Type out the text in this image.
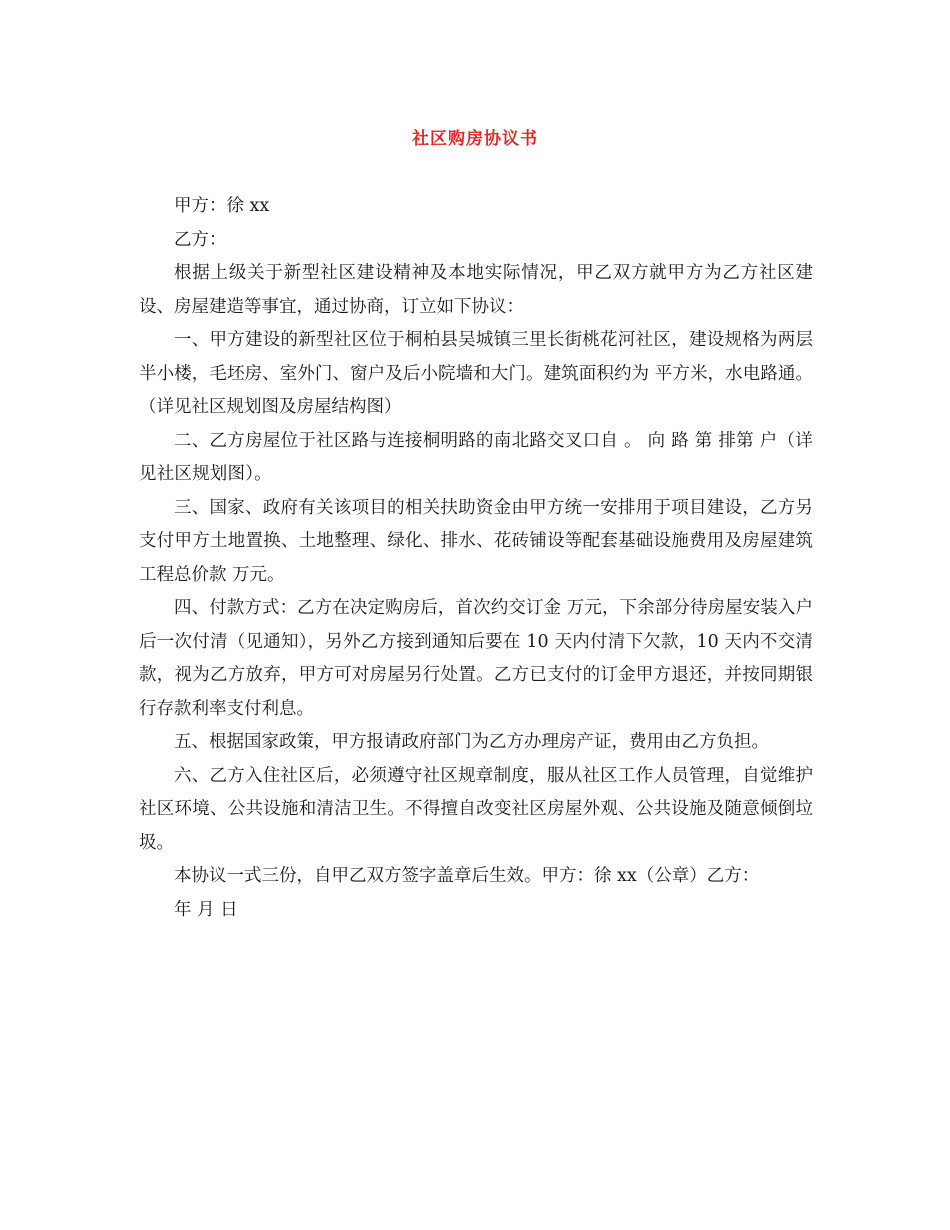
社区购房协议书

甲方：徐 xx

乙方：

根据上级关于新型社区建设精神及本地实际情况，甲乙双方就甲方为乙方社区建设、房屋建造等事宜，通过协商，订立如下协议：

一、甲方建设的新型社区位于桐柏县吴城镇三里长街桃花河社区，建设规格为两层半小楼，毛坯房、室外门、窗户及后小院墙和大门。建筑面积约为 平方米，水电路通。（详见社区规划图及房屋结构图）

二、乙方房屋位于社区路与连接桐明路的南北路交叉口自 。 向 路 第 排第 户（详见社区规划图）。

三、国家、政府有关该项目的相关扶助资金由甲方统一安排用于项目建设，乙方另支付甲方土地置换、土地整理、绿化、排水、花砖铺设等配套基础设施费用及房屋建筑工程总价款 万元。

四、付款方式：乙方在决定购房后，首次约交订金 万元，下余部分待房屋安装入户后一次付清（见通知），另外乙方接到通知后要在 10 天内付清下欠款，10 天内不交清款，视为乙方放弃，甲方可对房屋另行处置。乙方已支付的订金甲方退还，并按同期银行存款利率支付利息。

五、根据国家政策，甲方报请政府部门为乙方办理房产证，费用由乙方负担。

六、乙方入住社区后，必须遵守社区规章制度，服从社区工作人员管理，自觉维护社区环境、公共设施和清洁卫生。不得擅自改变社区房屋外观、公共设施及随意倾倒垃圾。

本协议一式三份，自甲乙双方签字盖章后生效。甲方：徐 xx（公章）乙方：

年 月 日
